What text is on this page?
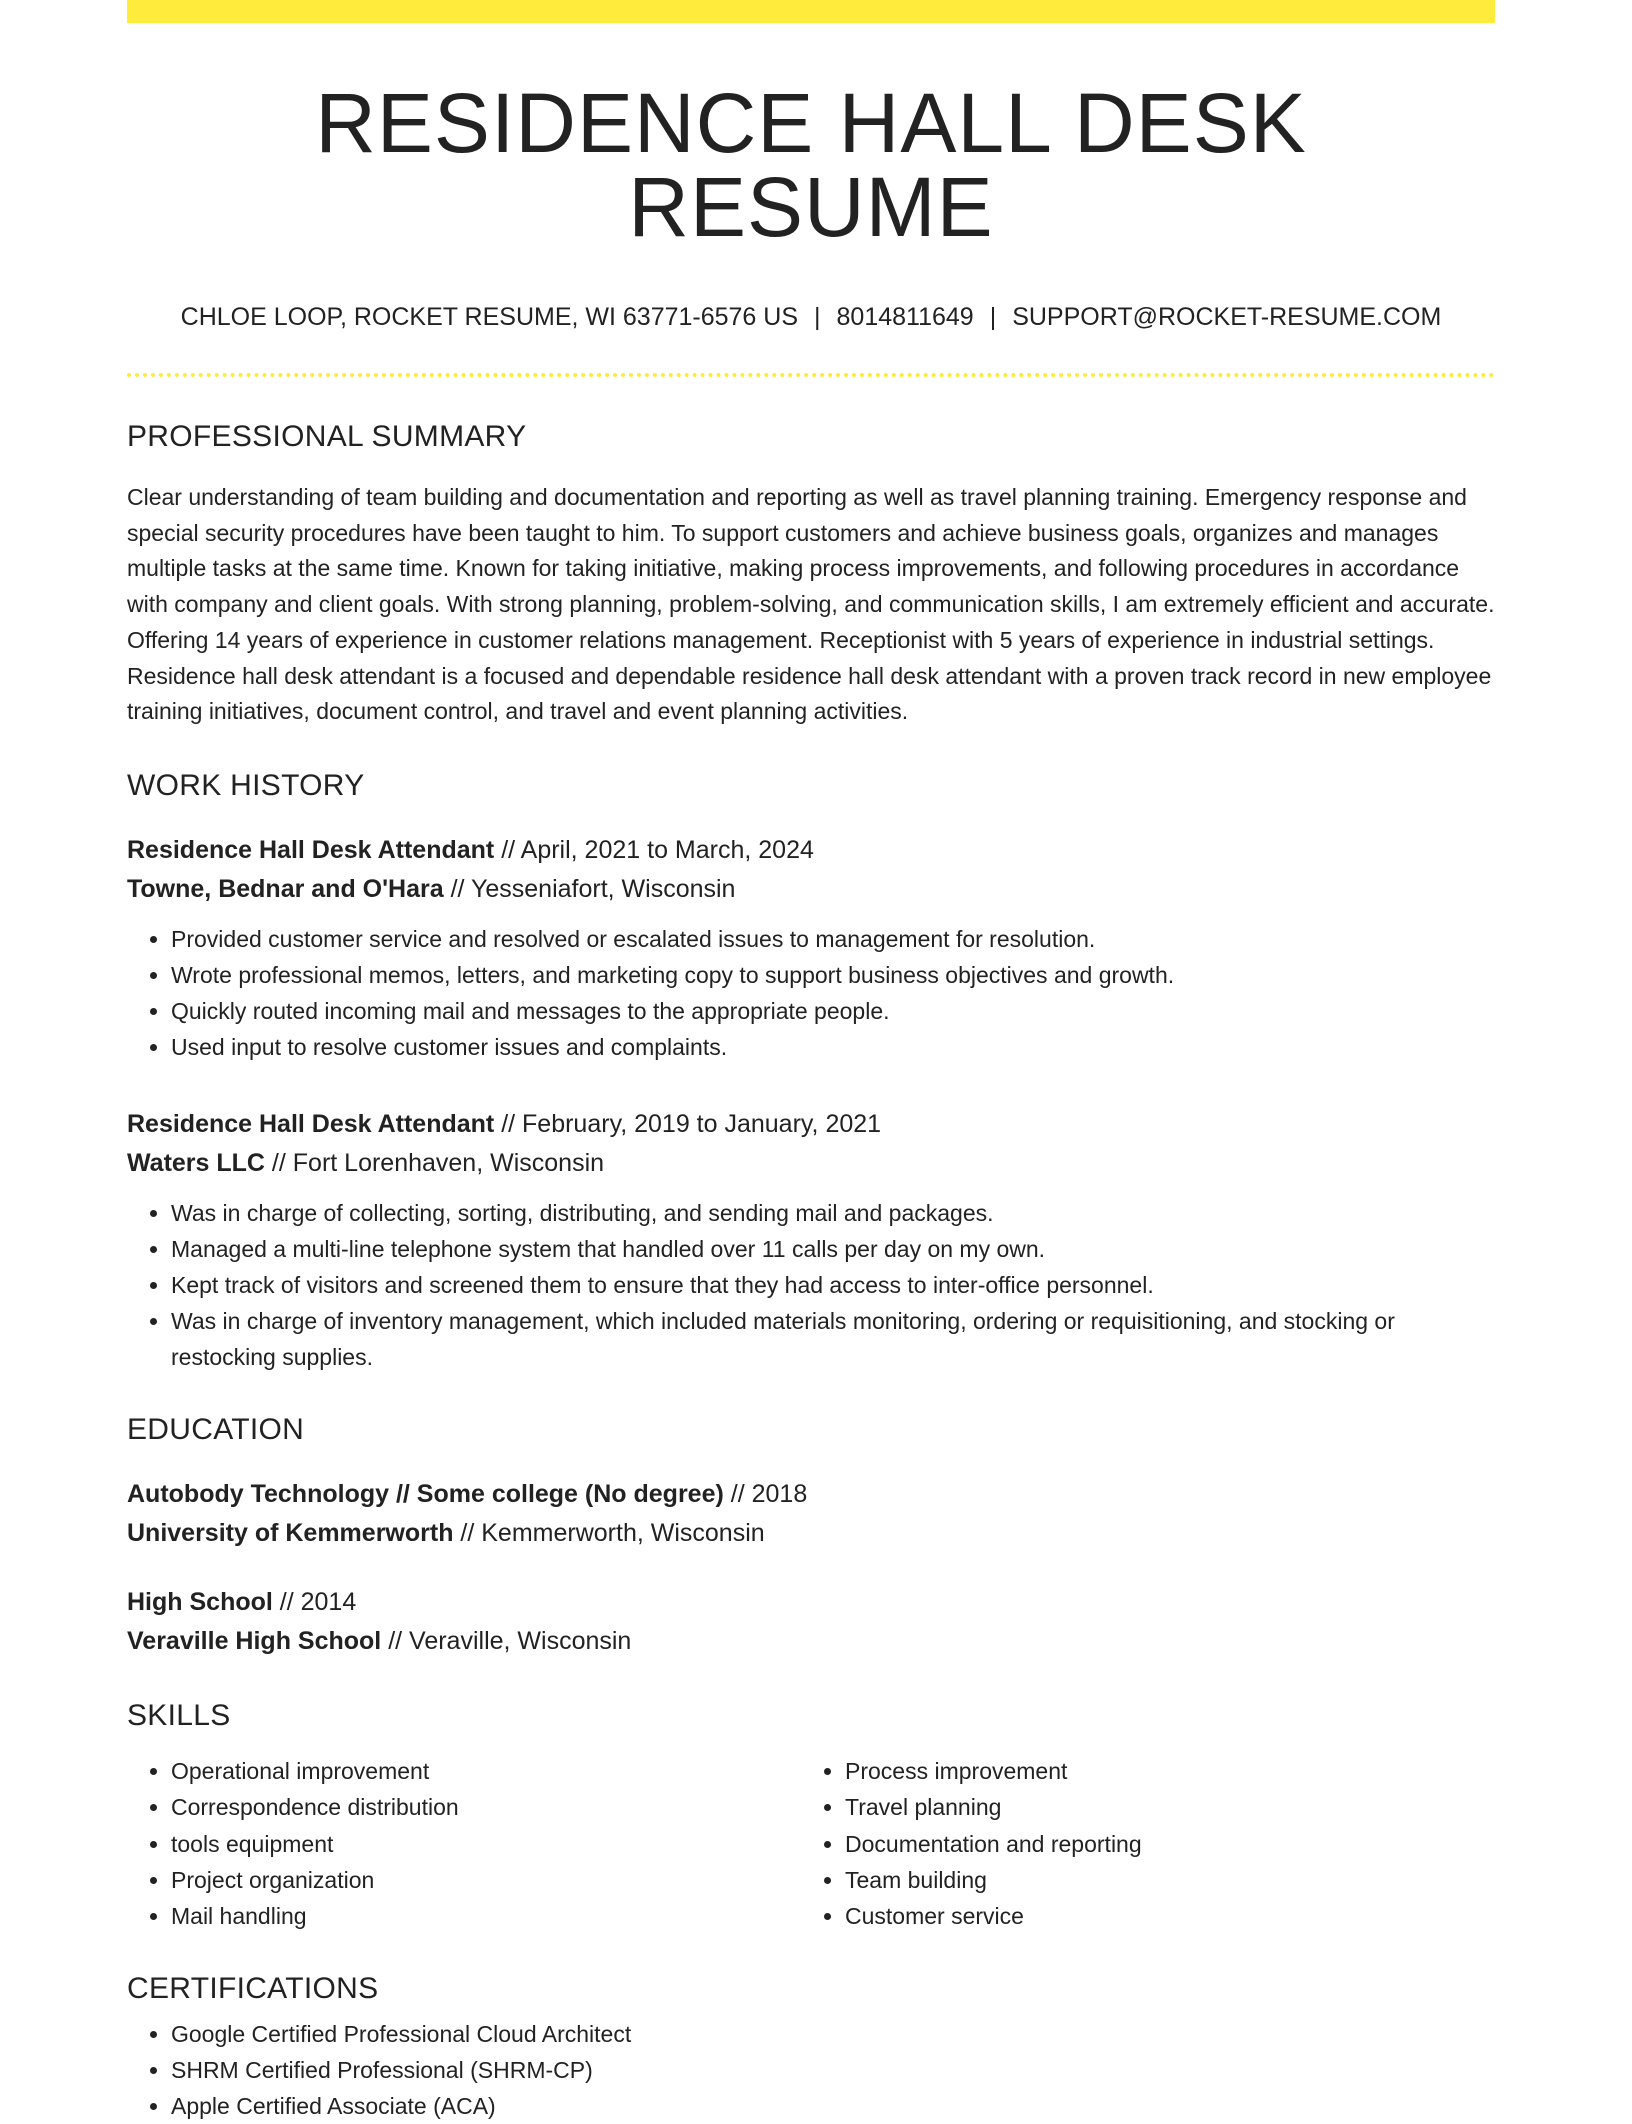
RESIDENCE HALL DESK RESUME
CHLOE LOOP, ROCKET RESUME, WI 63771-6576 US | 8014811649 | SUPPORT@ROCKET-RESUME.COM
PROFESSIONAL SUMMARY

Clear understanding of team building and documentation and reporting as well as travel planning training. Emergency response and special security procedures have been taught to him. To support customers and achieve business goals, organizes and manages multiple tasks at the same time. Known for taking initiative, making process improvements, and following procedures in accordance with company and client goals. With strong planning, problem-solving, and communication skills, I am extremely efficient and accurate. Offering 14 years of experience in customer relations management. Receptionist with 5 years of experience in industrial settings. Residence hall desk attendant is a focused and dependable residence hall desk attendant with a proven track record in new employee training initiatives, document control, and travel and event planning activities.

WORK HISTORY
Residence Hall Desk Attendant // April, 2021 to March, 2024
Towne, Bednar and O'Hara // Yesseniafort, Wisconsin
• Provided customer service and resolved or escalated issues to management for resolution.
• Wrote professional memos, letters, and marketing copy to support business objectives and growth.
• Quickly routed incoming mail and messages to the appropriate people.
• Used input to resolve customer issues and complaints.
Residence Hall Desk Attendant // February, 2019 to January, 2021
Waters LLC // Fort Lorenhaven, Wisconsin
• Was in charge of collecting, sorting, distributing, and sending mail and packages.
• Managed a multi-line telephone system that handled over 11 calls per day on my own.
• Kept track of visitors and screened them to ensure that they had access to inter-office personnel.
• Was in charge of inventory management, which included materials monitoring, ordering or requisitioning, and stocking or restocking supplies.
EDUCATION
Autobody Technology // Some college (No degree) // 2018
University of Kemmerworth // Kemmerworth, Wisconsin
High School // 2014
Veraville High School // Veraville, Wisconsin
SKILLS
• Operational improvement
• Correspondence distribution
• tools equipment
• Project organization
• Mail handling
• Process improvement
• Travel planning
• Documentation and reporting
• Team building
• Customer service
CERTIFICATIONS
• Google Certified Professional Cloud Architect
• SHRM Certified Professional (SHRM-CP)
• Apple Certified Associate (ACA)
